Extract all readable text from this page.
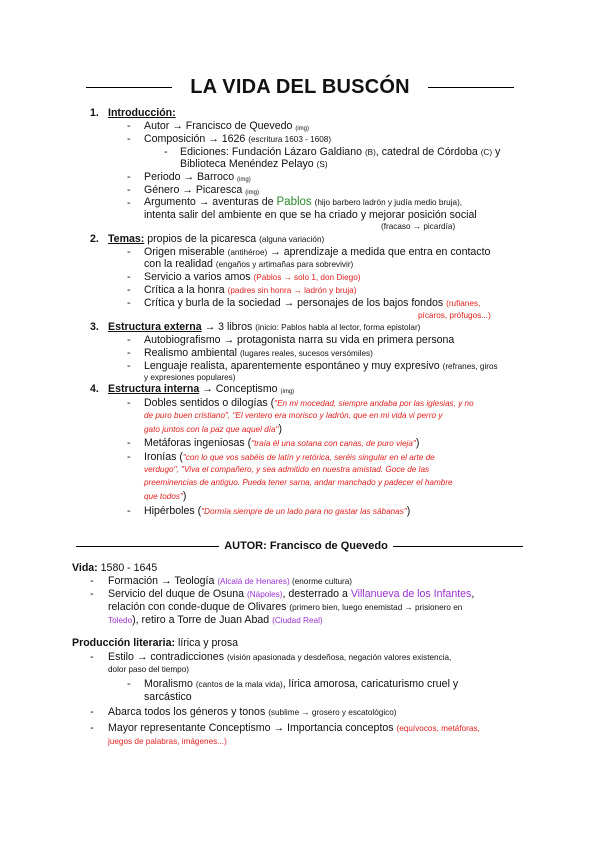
LA VIDA DEL BUSCÓN
1. Introducción:
- Autor → Francisco de Quevedo (img)
- Composición → 1626 (escritura 1603 - 1608)
- Ediciones: Fundación Lázaro Galdiano (B), catedral de Córdoba (C) y
Biblioteca Menéndez Pelayo (S)
- Periodo → Barroco (img)
- Género → Picaresca (img)
- Argumento → aventuras de Pablos (hijo barbero ladrón y judía medio bruja),
intenta salir del ambiente en que se ha criado y mejorar posición social
(fracaso → picardía)
2. Temas: propios de la picaresca (alguna variación)
- Origen miserable (antihéroe) → aprendizaje a medida que entra en contacto
con la realidad (engaños y artimañas para sobrevivir)
- Servicio a varios amos (Pablos → solo 1, don Diego)
- Crítica a la honra (padres sin honra → ladrón y bruja)
- Crítica y burla de la sociedad → personajes de los bajos fondos (rufianes,
pícaros, prófugos...)
3. Estructura externa → 3 libros (inicio: Pablos habla al lector, forma epistolar)
- Autobiografismo → protagonista narra su vida en primera persona
- Realismo ambiental (lugares reales, sucesos versómiles)
- Lenguaje realista, aparentemente espontáneo y muy expresivo (refranes, giros
y expresiones populares)
4. Estructura interna → Conceptismo (img)
- Dobles sentidos o dilogías ("En mi mocedad, siempre andaba por las iglesias, y no
de puro buen cristiano", "El ventero era morisco y ladrón, que en mi vida vi perro y
gato juntos con la paz que aquel día")
- Metáforas ingeniosas ("traía él una sotana con canas, de puro vieja")
- Ironías ("con lo que vos sabéis de latín y retórica, seréis singular en el arte de
verdugo", "Viva el compañero, y sea admitido en nuestra amistad. Goce de las
preeminencias de antiguo. Pueda tener sarna, andar manchado y padecer el hambre
que todos")
- Hipérboles ("Dormía siempre de un lado para no gastar las sábanas")
AUTOR: Francisco de Quevedo
Vida: 1580 - 1645
- Formación → Teología (Alcalá de Henares) (enorme cultura)
- Servicio del duque de Osuna (Nápoles), desterrado a Villanueva de los Infantes,
relación con conde-duque de Olivares (primero bien, luego enemistad → prisionero en
Toledo), retiro a Torre de Juan Abad (Ciudad Real)
Producción literaria: lírica y prosa
- Estilo → contradicciones (visión apasionada y desdeñosa, negación valores existencia,
dolor paso del tiempo)
- Moralismo (cantos de la mala vida), lírica amorosa, caricaturismo cruel y
sarcástico
- Abarca todos los géneros y tonos (sublime → grosero y escatológico)
- Mayor representante Conceptismo → Importancia conceptos (equívocos, metáforas,
juegos de palabras, imágenes...)
